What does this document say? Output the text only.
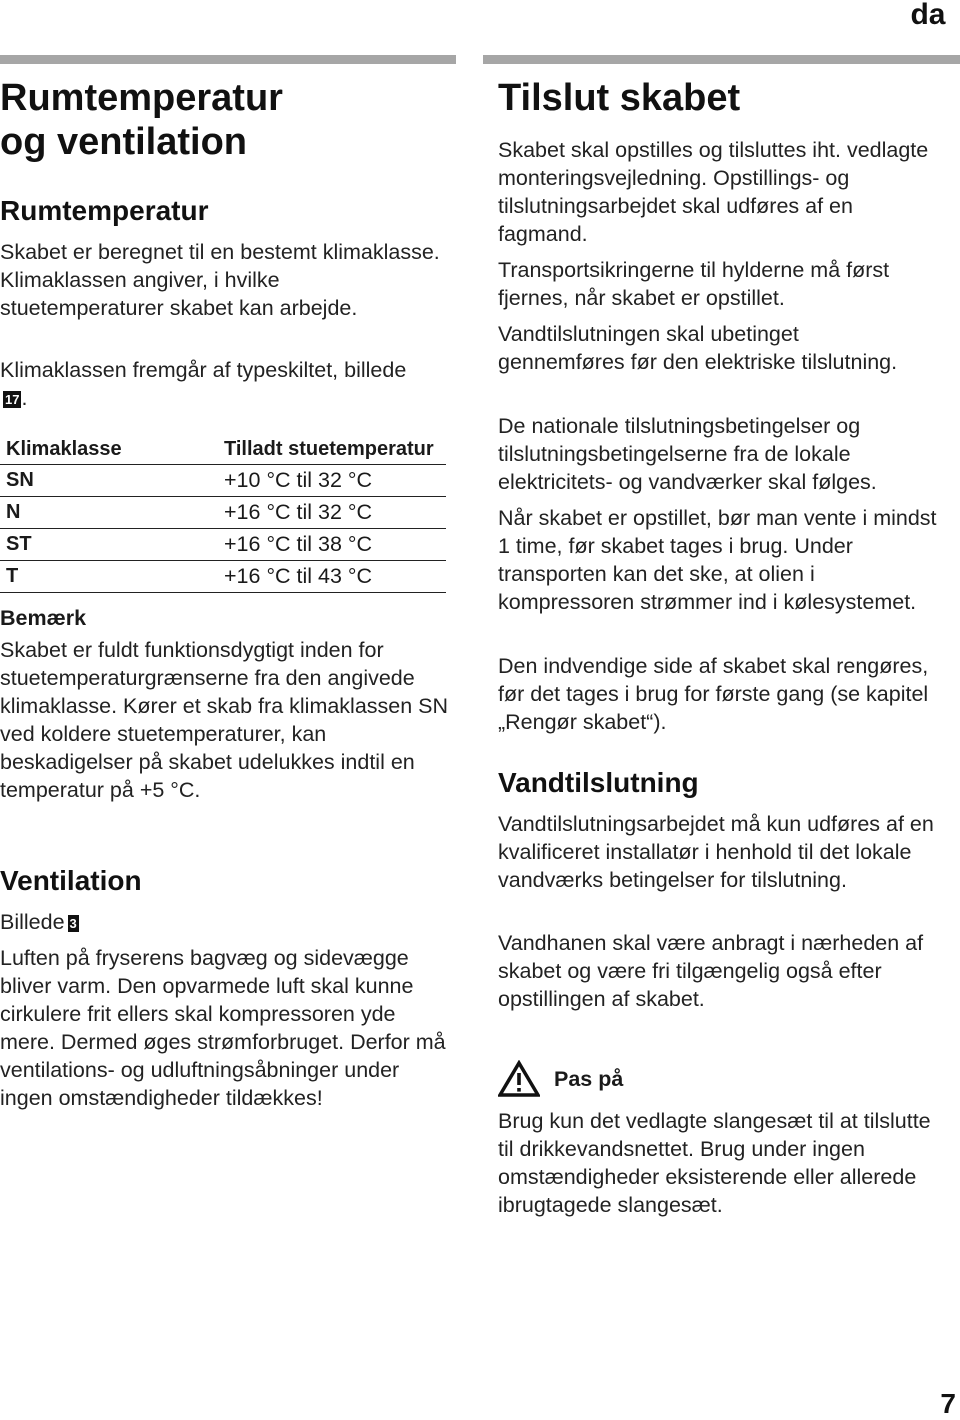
da
Rumtemperatur
og ventilation
Rumtemperatur

Skabet er beregnet til en bestemt klimaklasse. Klimaklassen angiver, i hvilke stuetemperaturer skabet kan arbejde.

Klimaklassen fremgår af typeskiltet, billede17.

Klimaklasse	Tilladt stuetemperatur
SN	+10 °C til 32 °C
N	+16 °C til 32 °C
ST	+16 °C til 38 °C
T	+16 °C til 43 °C
Bemærk

Skabet er fuldt funktionsdygtigt inden for stuetemperaturgrænserne fra den angivede klimaklasse. Kører et skab fra klimaklassen SN ved koldere stuetemperaturer, kan beskadigelser på skabet udelukkes indtil en temperatur på +5 °C.

Ventilation

Billede 3

Luften på fryserens bagvæg og sidevægge bliver varm. Den opvarmede luft skal kunne cirkulere frit ellers skal kompressoren yde mere. Dermed øges strømforbruget. Derfor må ventilations- og udluftningsåbninger under ingen omstændigheder tildækkes!

Tilslut skabet

Skabet skal opstilles og tilsluttes iht. vedlagte monteringsvejledning. Opstillings- og tilslutningsarbejdet skal udføres af en fagmand.

Transportsikringerne til hylderne må først fjernes, når skabet er opstillet.

Vandtilslutningen skal ubetinget gennemføres før den elektriske tilslutning.

De nationale tilslutningsbetingelser og tilslutningsbetingelserne fra de lokale elektricitets- og vandværker skal følges.

Når skabet er opstillet, bør man vente i mindst 1 time, før skabet tages i brug. Under transporten kan det ske, at olien i kompressoren strømmer ind i kølesystemet.

Den indvendige side af skabet skal rengøres, før det tages i brug for første gang (se kapitel „Rengør skabet“).

Vandtilslutning

Vandtilslutningsarbejdet må kun udføres af en kvalificeret installatør i henhold til det lokale vandværks betingelser for tilslutning.

Vandhanen skal være anbragt i nærheden af skabet og være fri tilgængelig også efter opstillingen af skabet.

Pas på

Brug kun det vedlagte slangesæt til at tilslutte til drikkevandsnettet. Brug under ingen omstændigheder eksisterende eller allerede ibrugtagede slangesæt.

7
